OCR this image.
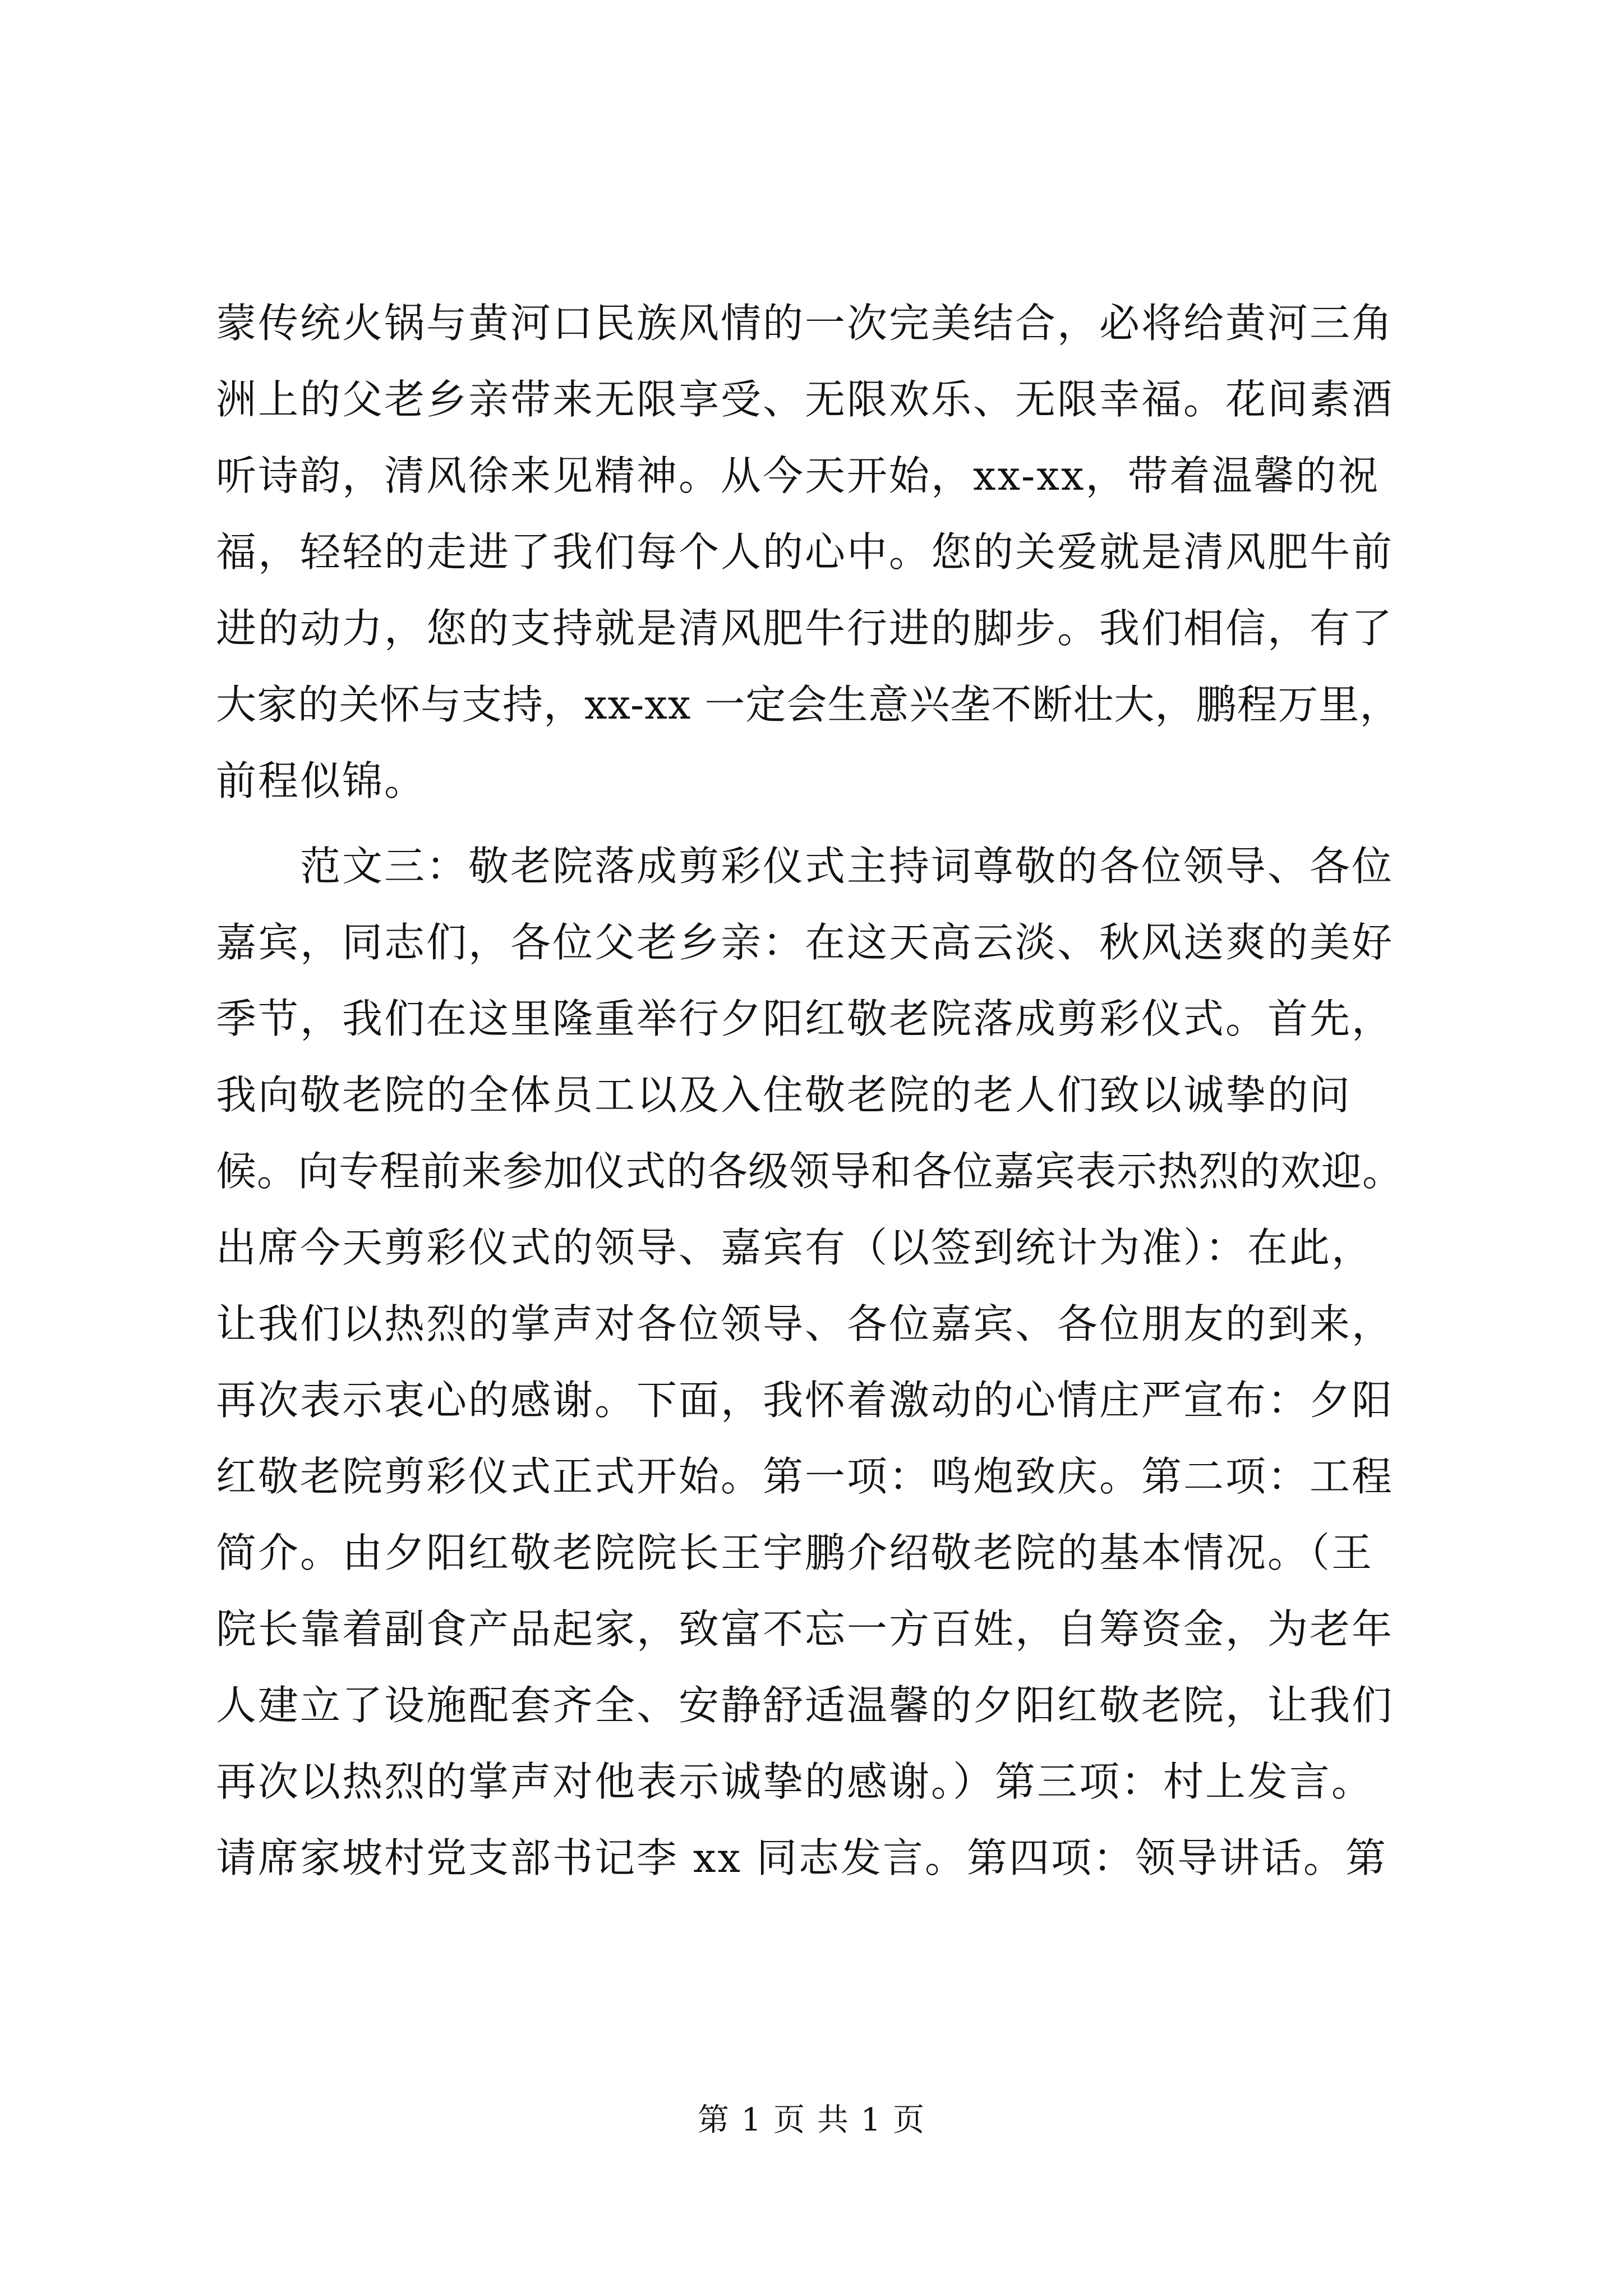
蒙传统火锅与黄河口民族风情的一次完美结合，必将给黄河三角
洲上的父老乡亲带来无限享受、无限欢乐、无限幸福。花间素酒
听诗韵，清风徐来见精神。从今天开始，xx-xx，带着温馨的祝
福，轻轻的走进了我们每个人的心中。您的关爱就是清风肥牛前
进的动力，您的支持就是清风肥牛行进的脚步。我们相信，有了
大家的关怀与支持，xx-xx 一定会生意兴垄不断壮大，鹏程万里，
前程似锦。
范文三：敬老院落成剪彩仪式主持词尊敬的各位领导、各位
嘉宾，同志们，各位父老乡亲：在这天高云淡、秋风送爽的美好
季节，我们在这里隆重举行夕阳红敬老院落成剪彩仪式。首先，
我向敬老院的全体员工以及入住敬老院的老人们致以诚挚的问
候。向专程前来参加仪式的各级领导和各位嘉宾表示热烈的欢迎。
出席今天剪彩仪式的领导、嘉宾有（以签到统计为准）：在此，
让我们以热烈的掌声对各位领导、各位嘉宾、各位朋友的到来，
再次表示衷心的感谢。下面，我怀着激动的心情庄严宣布：夕阳
红敬老院剪彩仪式正式开始。第一项：鸣炮致庆。第二项：工程
简介。由夕阳红敬老院院长王宇鹏介绍敬老院的基本情况。（王
院长靠着副食产品起家，致富不忘一方百姓，自筹资金，为老年
人建立了设施配套齐全、安静舒适温馨的夕阳红敬老院，让我们
再次以热烈的掌声对他表示诚挚的感谢。）第三项：村上发言。
请席家坡村党支部书记李 xx 同志发言。第四项：领导讲话。第
第 1 页 共 1 页
